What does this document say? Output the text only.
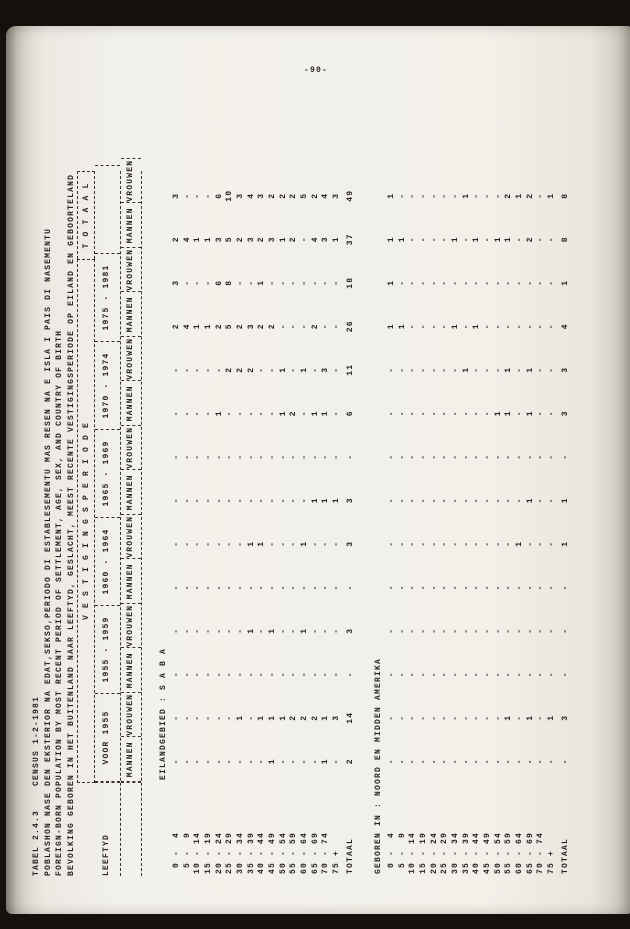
-90-
TABEL 2.4.3    CENSUS 1-2-1981 POBLASHON NASE DEN EKSTERIOR NA EDAT,SEKSO,PERIODO DI ESTABLESEMENTU MAS RESEN NA E ISLA I PAIS DI NASEMENTU FOREIGN-BORN POPULATION BY MOST RECENT PERIOD OF SETTLEMENT, AGE, SEX, AND COUNTRY OF BIRTH BEVOLKING GEBOREN IN HET BUITENLAND NAAR LEEFTYD, GESLACHT, MEEST RECENTE VESTIGINGSPERIODE OP EILAND EN GEBOORTELAND V E S T I G I N G S P E R I O D E
T O T A A L
LEEFTYD
VOOR 1955
1955 - 1959
1960 - 1964
1965 - 1969
1970 - 1974
1975 - 1981
MANNEN
VROUWEN
MANNEN
VROUWEN
MANNEN
VROUWEN
MANNEN
VROUWEN
MANNEN
VROUWEN
MANNEN
VROUWEN
MANNEN
VROUWEN
EILANDGEBIED : S A B A
0 -  4
-
-
-
-
-
-
-
-
-
-
2
3
2
3
5 -  9
-
-
-
-
-
-
-
-
-
-
4
-
4
-
10 - 14
-
-
-
-
-
-
-
-
-
-
1
-
1
-
15 - 19
-
-
-
-
-
-
-
-
-
-
1
-
1
-
20 - 24
-
-
-
-
-
-
-
-
1
-
2
6
3
6
25 - 29
-
-
-
-
-
-
-
-
-
2
5
8
5
10
30 - 34
-
1
-
-
-
-
-
-
-
2
2
-
2
3
35 - 39
-
-
-
1
-
1
-
-
-
2
3
-
3
4
40 - 44
-
1
-
-
-
1
-
-
-
-
2
1
2
3
45 - 49
1
1
-
1
-
-
-
-
-
-
2
-
3
2
50 - 54
-
1
-
-
-
-
-
-
1
1
-
-
1
2
55 - 59
-
2
-
-
-
-
-
-
2
-
-
-
2
2
60 - 64
-
2
-
1
-
1
-
-
-
1
-
-
-
5
65 - 69
-
2
-
-
-
-
1
-
1
-
2
-
4
2
70 - 74
1
1
-
-
-
-
1
-
1
3
-
-
3
4
75 +
-
3
-
-
-
-
1
-
-
-
-
-
1
3
TOTAAL
2
14
-
3
-
3
3
-
6
11
26
18
37
49
GEBOREN IN : NOORD EN MIDDEN AMERIKA 0 -  4
-
-
-
-
-
-
-
-
-
-
1
1
1
1
5 -  9
-
-
-
-
-
-
-
-
-
-
1
-
1
-
10 - 14
-
-
-
-
-
-
-
-
-
-
-
-
-
-
15 - 19
-
-
-
-
-
-
-
-
-
-
-
-
-
-
20 - 24
-
-
-
-
-
-
-
-
-
-
-
-
-
-
25 - 29
-
-
-
-
-
-
-
-
-
-
-
-
-
-
30 - 34
-
-
-
-
-
-
-
-
-
-
1
-
1
-
35 - 39
-
-
-
-
-
-
-
-
-
1
-
-
-
1
40 - 44
-
-
-
-
-
-
-
-
-
-
1
-
1
-
45 - 49
-
-
-
-
-
-
-
-
-
-
-
-
-
-
50 - 54
-
-
-
-
-
-
-
-
1
-
-
-
1
-
55 - 59
-
1
-
-
-
-
-
-
1
1
-
-
1
2
60 - 64
-
-
-
-
-
1
-
-
-
-
-
-
-
1
65 - 69
-
1
-
-
-
-
1
-
1
1
-
-
2
2
70 - 74
-
-
-
-
-
-
-
-
-
-
-
-
-
-
75 +
-
1
-
-
-
-
-
-
-
-
-
-
-
1
TOTAAL
-
3
-
-
-
1
1
-
3
3
4
1
8
8
